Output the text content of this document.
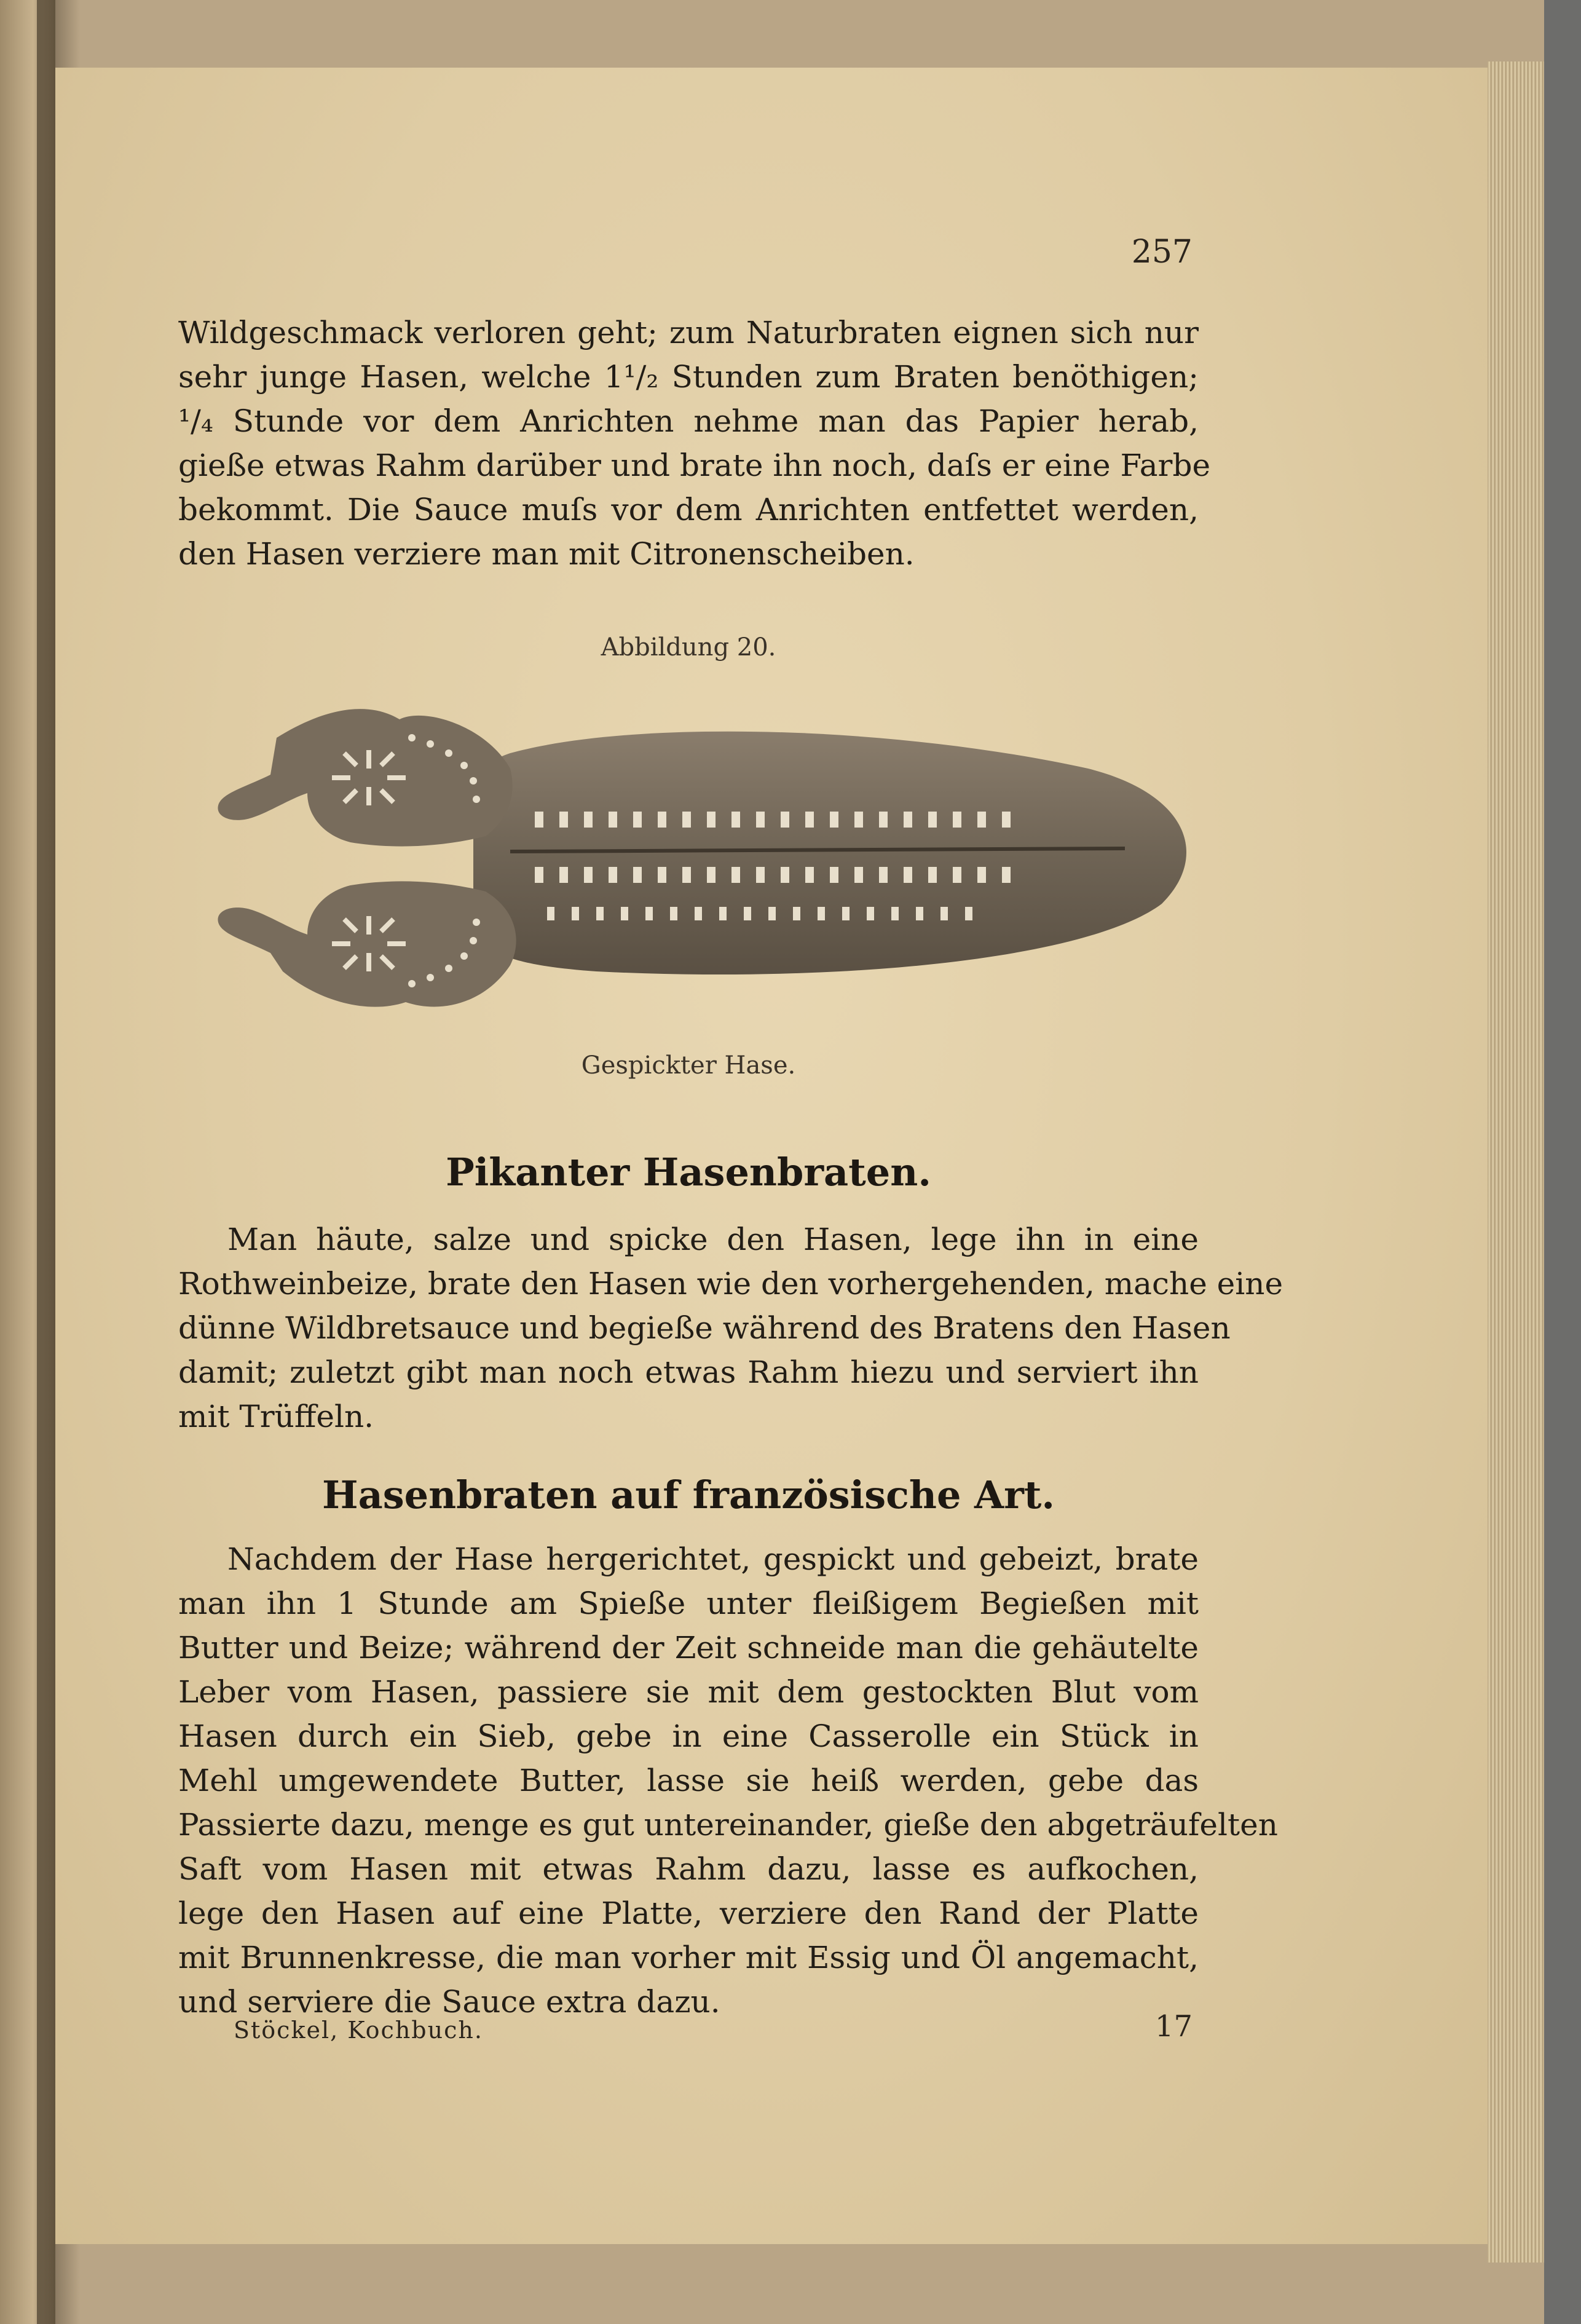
257
Wildgeschmack verloren geht; zum Naturbraten eignen sich nur
sehr junge Hasen, welche 1¹/₂ Stunden zum Braten benöthigen;
¹/₄ Stunde vor dem Anrichten nehme man das Papier herab,
gieße etwas Rahm darüber und brate ihn noch, daſs er eine Farbe
bekommt. Die Sauce muſs vor dem Anrichten entfettet werden,
den Hasen verziere man mit Citronenscheiben.
Abbildung 20.
Gespickter Hase.
Pikanter Hasenbraten.
Man häute, salze und spicke den Hasen, lege ihn in eine
Rothweinbeize, brate den Hasen wie den vorhergehenden, mache eine
dünne Wildbretsauce und begieße während des Bratens den Hasen
damit; zuletzt gibt man noch etwas Rahm hiezu und serviert ihn
mit Trüffeln.
Hasenbraten auf französische Art.
Nachdem der Hase hergerichtet, gespickt und gebeizt, brate
man ihn 1 Stunde am Spieße unter fleißigem Begießen mit
Butter und Beize; während der Zeit schneide man die gehäutelte
Leber vom Hasen, passiere sie mit dem gestockten Blut vom
Hasen durch ein Sieb, gebe in eine Casserolle ein Stück in
Mehl umgewendete Butter, lasse sie heiß werden, gebe das
Passierte dazu, menge es gut untereinander, gieße den abgeträufelten
Saft vom Hasen mit etwas Rahm dazu, lasse es aufkochen,
lege den Hasen auf eine Platte, verziere den Rand der Platte
mit Brunnenkresse, die man vorher mit Essig und Öl angemacht,
und serviere die Sauce extra dazu.
Stöckel, Kochbuch.	17
